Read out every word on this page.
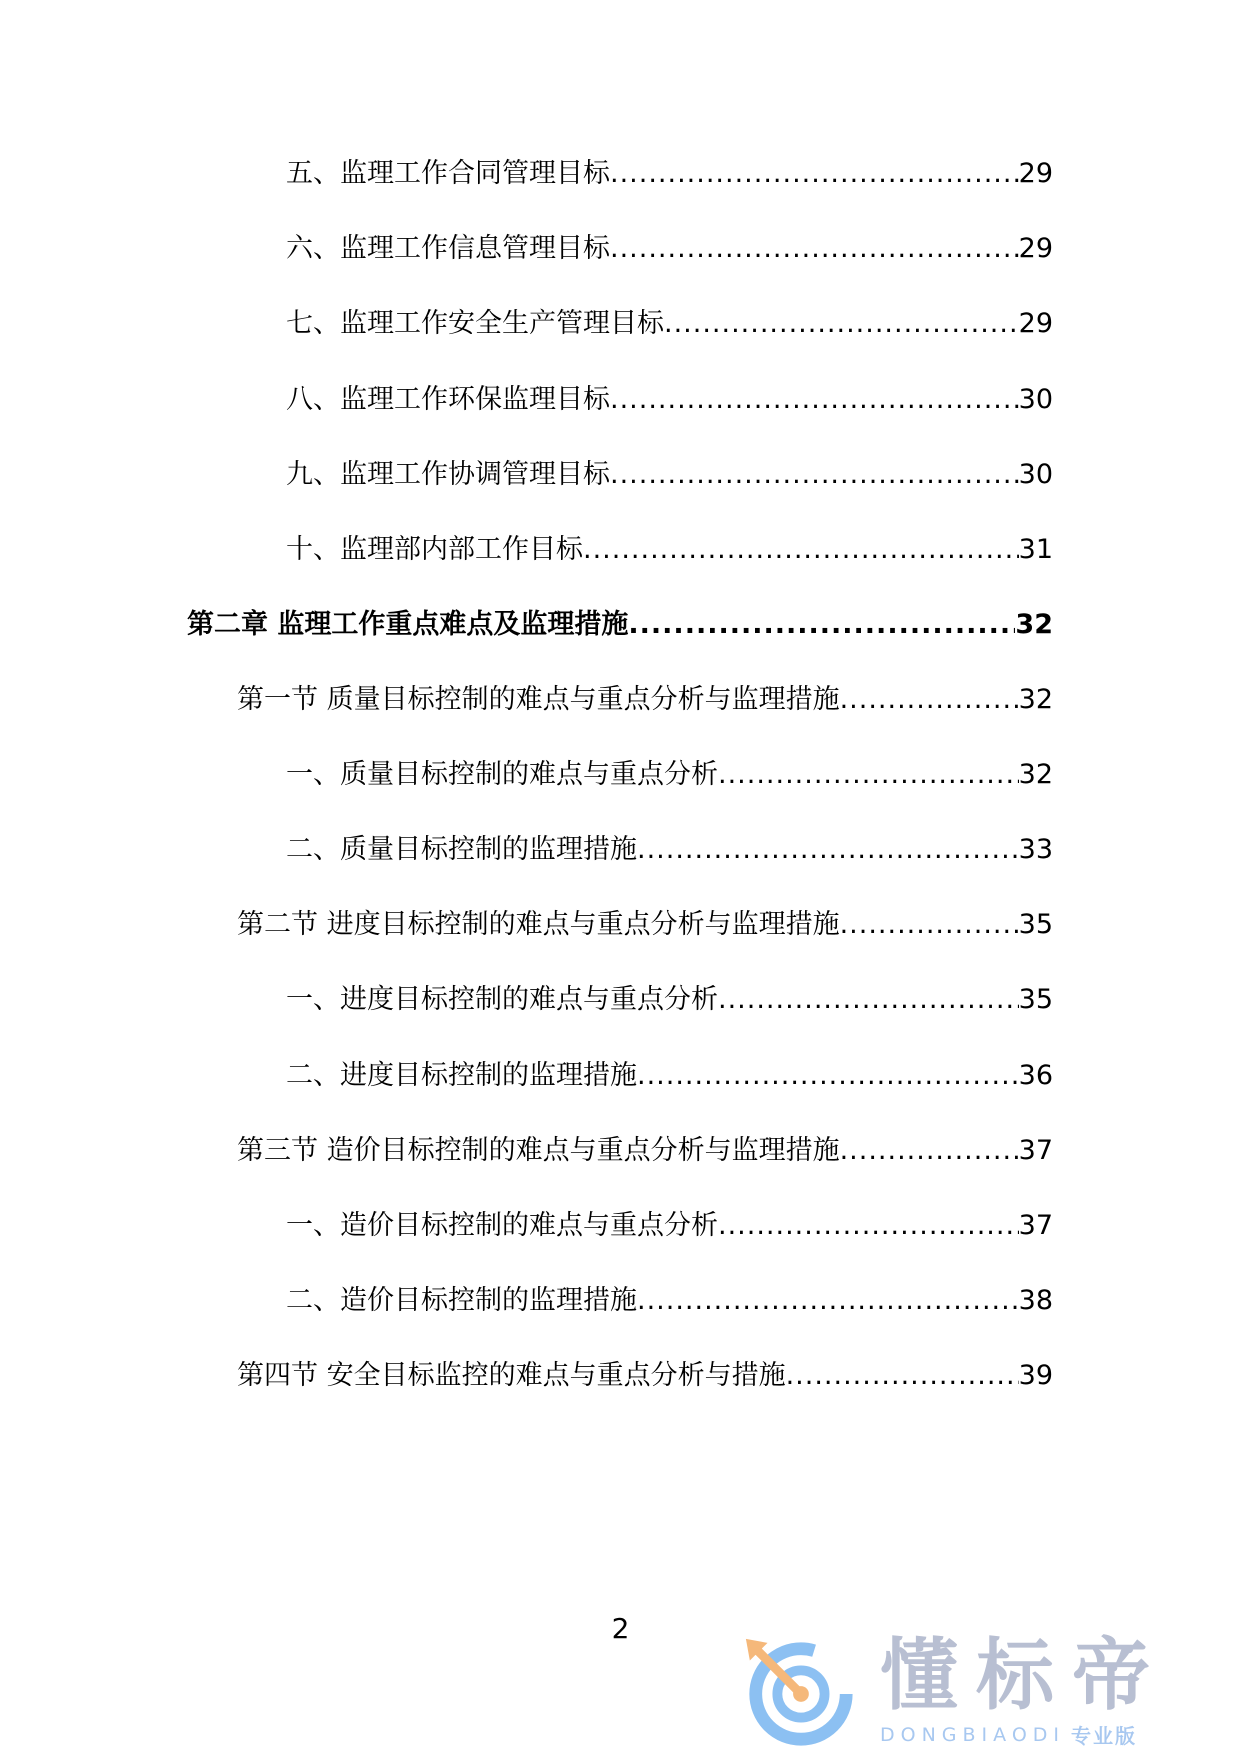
五、监理工作合同管理目标 .....	29
六、监理工作信息管理目标 .....	29
七、监理工作安全生产管理目标 .....	29
八、监理工作环保监理目标 .....	30
九、监理工作协调管理目标 .....	30
十、监理部内部工作目标 .....	31
第二章 监理工作重点难点及监理措施 .....	32
第一节 质量目标控制的难点与重点分析与监理措施 .....	32
一、质量目标控制的难点与重点分析 .....	32
二、质量目标控制的监理措施 .....	33
第二节 进度目标控制的难点与重点分析与监理措施 .....	35
一、进度目标控制的难点与重点分析 .....	35
二、进度目标控制的监理措施 .....	36
第三节 造价目标控制的难点与重点分析与监理措施 .....	37
一、造价目标控制的难点与重点分析 .....	37
二、造价目标控制的监理措施 .....	38
第四节 安全目标监控的难点与重点分析与措施 .....	39
2
懂标帝
DONGBIAODI 专业版
